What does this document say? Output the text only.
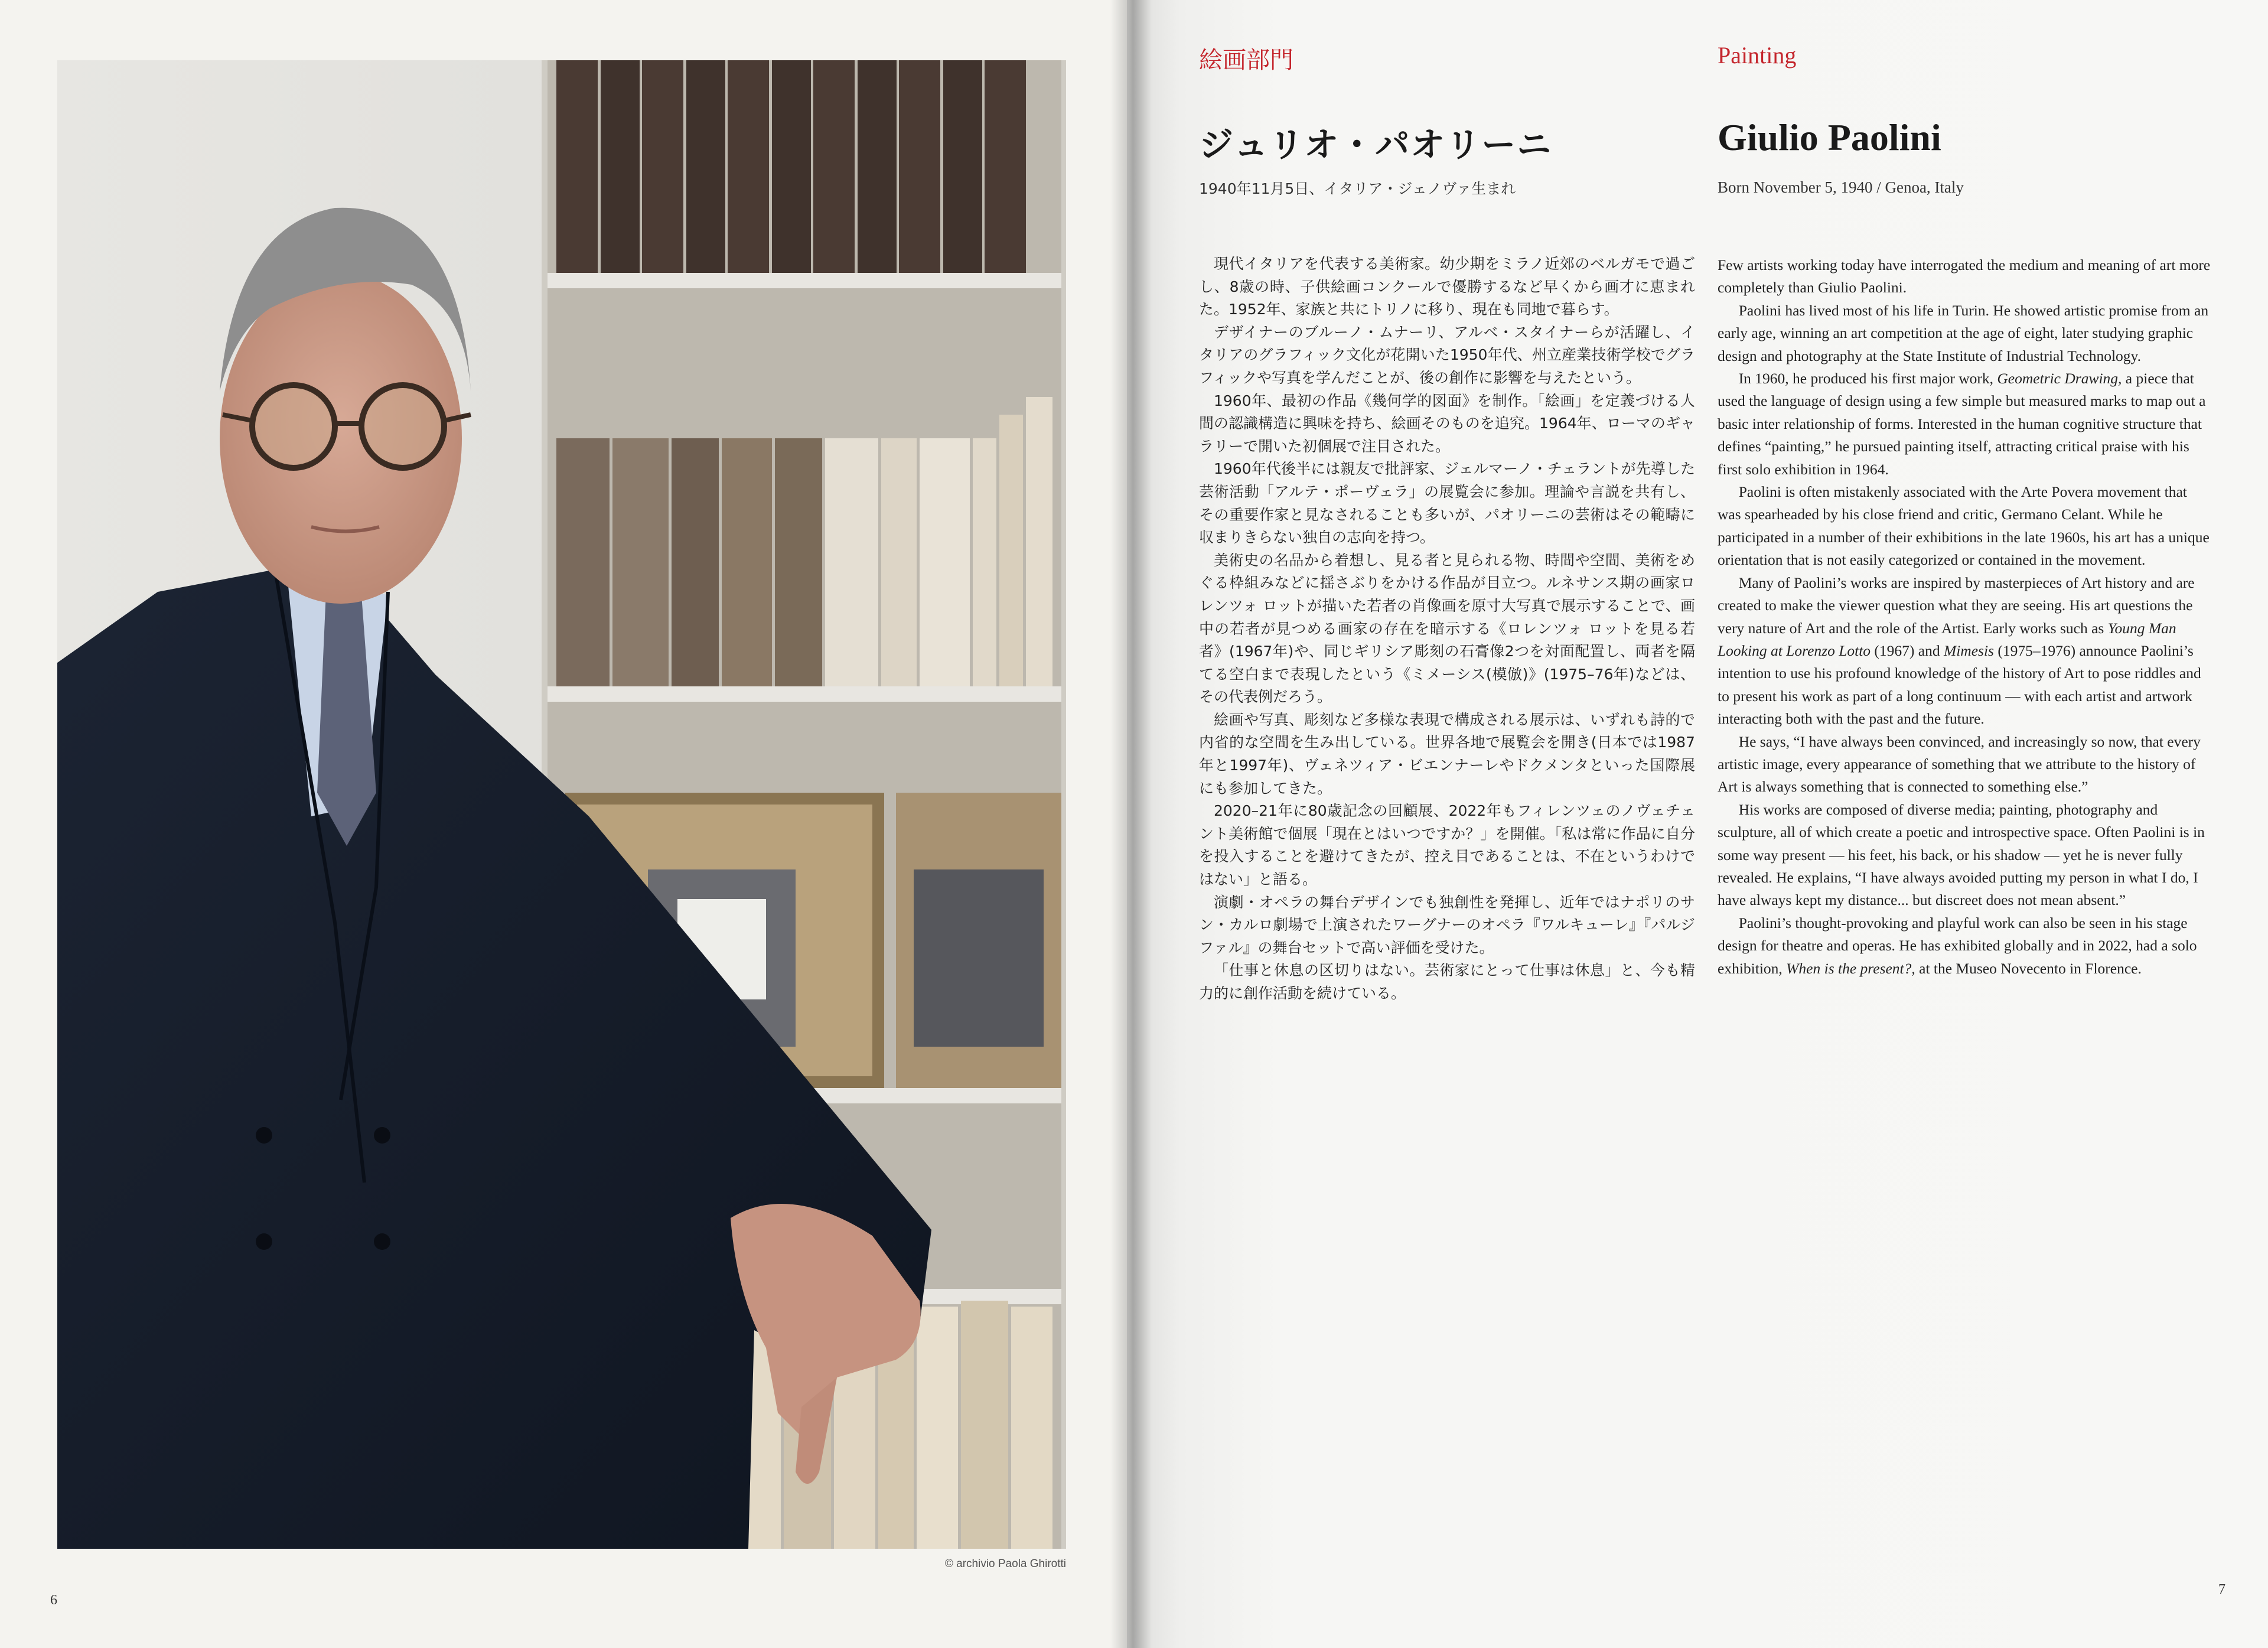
© archivio Paola Ghirotti
6
絵画部門	Painting
ジュリオ・パオリーニ	Giulio Paolini
1940年11月5日、イタリア・ジェノヴァ生まれ	Born November 5, 1940 / Genoa, Italy

現代イタリアを代表する美術家。幼少期をミラノ近郊のベルガモで過ごし、8歳の時、子供絵画コンクールで優勝するなど早くから画才に恵まれた。1952年、家族と共にトリノに移り、現在も同地で暮らす。

デザイナーのブルーノ・ムナーリ、アルベ・スタイナーらが活躍し、イタリアのグラフィック文化が花開いた1950年代、州立産業技術学校でグラフィックや写真を学んだことが、後の創作に影響を与えたという。

1960年、最初の作品《幾何学的図面》を制作。「絵画」を定義づける人間の認識構造に興味を持ち、絵画そのものを追究。1964年、ローマのギャラリーで開いた初個展で注目された。

1960年代後半には親友で批評家、ジェルマーノ・チェラントが先導した芸術活動「アルテ・ポーヴェラ」の展覧会に参加。理論や言説を共有し、その重要作家と見なされることも多いが、パオリーニの芸術はその範疇に収まりきらない独自の志向を持つ。

美術史の名品から着想し、見る者と見られる物、時間や空間、美術をめぐる枠組みなどに揺さぶりをかける作品が目立つ。ルネサンス期の画家ロレンツォ ロットが描いた若者の肖像画を原寸大写真で展示することで、画中の若者が見つめる画家の存在を暗示する《ロレンツォ ロットを見る若者》(1967年)や、同じギリシア彫刻の石膏像2つを対面配置し、両者を隔てる空白まで表現したという《ミメーシス(模倣)》(1975–76年)などは、その代表例だろう。

絵画や写真、彫刻など多様な表現で構成される展示は、いずれも詩的で内省的な空間を生み出している。世界各地で展覧会を開き(日本では1987年と1997年)、ヴェネツィア・ビエンナーレやドクメンタといった国際展にも参加してきた。

2020–21年に80歳記念の回顧展、2022年もフィレンツェのノヴェチェント美術館で個展「現在とはいつですか？」を開催。「私は常に作品に自分を投入することを避けてきたが、控え目であることは、不在というわけではない」と語る。

演劇・オペラの舞台デザインでも独創性を発揮し、近年ではナポリのサン・カルロ劇場で上演されたワーグナーのオペラ『ワルキューレ』『パルジファル』の舞台セットで高い評価を受けた。

「仕事と休息の区切りはない。芸術家にとって仕事は休息」と、今も精力的に創作活動を続けている。

Few artists working today have interrogated the medium and meaning of art more completely than Giulio Paolini.

Paolini has lived most of his life in Turin. He showed artistic promise from an early age, winning an art competition at the age of eight, later studying graphic design and photography at the State Institute of Industrial Technology.

In 1960, he produced his first major work, Geometric Drawing, a piece that used the language of design using a few simple but measured marks to map out a basic inter relationship of forms. Interested in the human cognitive structure that defines “painting,” he pursued painting itself, attracting critical praise with his first solo exhibition in 1964.

Paolini is often mistakenly associated with the Arte Povera movement that was spearheaded by his close friend and critic, Germano Celant. While he participated in a number of their exhibitions in the late 1960s, his art has a unique orientation that is not easily categorized or contained in the movement.

Many of Paolini’s works are inspired by masterpieces of Art history and are created to make the viewer question what they are seeing. His art questions the very nature of Art and the role of the Artist. Early works such as Young Man Looking at Lorenzo Lotto (1967) and Mimesis (1975–1976) announce Paolini’s intention to use his profound knowledge of the history of Art to pose riddles and to present his work as part of a long continuum — with each artist and artwork interacting both with the past and the future.

He says, “I have always been convinced, and increasingly so now, that every artistic image, every appearance of something that we attribute to the history of Art is always something that is connected to something else.”

His works are composed of diverse media; painting, photography and sculpture, all of which create a poetic and introspective space. Often Paolini is in some way present — his feet, his back, or his shadow — yet he is never fully revealed. He explains, “I have always avoided putting my person in what I do, I have always kept my distance... but discreet does not mean absent.”

Paolini’s thought-provoking and playful work can also be seen in his stage design for theatre and operas. He has exhibited globally and in 2022, had a solo exhibition, When is the present?, at the Museo Novecento in Florence.

7
